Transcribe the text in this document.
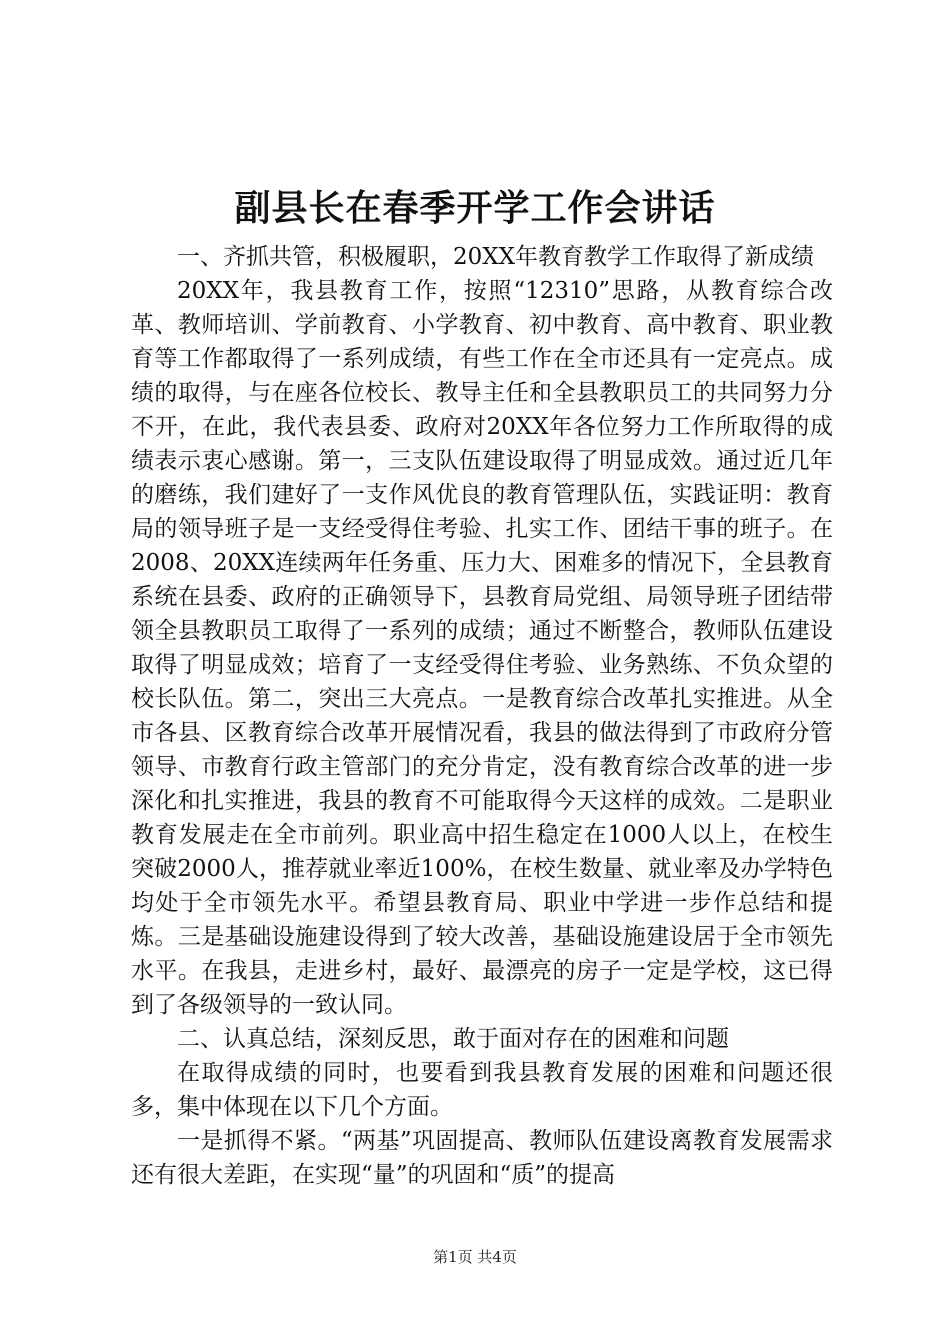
副县长在春季开学工作会讲话

一、齐抓共管，积极履职，20XX年教育教学工作取得了新成绩

20XX年，我县教育工作，按照“12310”思路，从教育综合改革、教师培训、学前教育、小学教育、初中教育、高中教育、职业教育等工作都取得了一系列成绩，有些工作在全市还具有一定亮点。成绩的取得，与在座各位校长、教导主任和全县教职员工的共同努力分不开，在此，我代表县委、政府对20XX年各位努力工作所取得的成绩表示衷心感谢。第一，三支队伍建设取得了明显成效。通过近几年的磨练，我们建好了一支作风优良的教育管理队伍，实践证明：教育局的领导班子是一支经受得住考验、扎实工作、团结干事的班子。在2008、20XX连续两年任务重、压力大、困难多的情况下，全县教育系统在县委、政府的正确领导下，县教育局党组、局领导班子团结带领全县教职员工取得了一系列的成绩；通过不断整合，教师队伍建设取得了明显成效；培育了一支经受得住考验、业务熟练、不负众望的校长队伍。第二，突出三大亮点。一是教育综合改革扎实推进。从全市各县、区教育综合改革开展情况看，我县的做法得到了市政府分管领导、市教育行政主管部门的充分肯定，没有教育综合改革的进一步深化和扎实推进，我县的教育不可能取得今天这样的成效。二是职业教育发展走在全市前列。职业高中招生稳定在1000人以上，在校生突破2000人，推荐就业率近100%，在校生数量、就业率及办学特色均处于全市领先水平。希望县教育局、职业中学进一步作总结和提炼。三是基础设施建设得到了较大改善，基础设施建设居于全市领先水平。在我县，走进乡村，最好、最漂亮的房子一定是学校，这已得到了各级领导的一致认同。

二、认真总结，深刻反思，敢于面对存在的困难和问题

在取得成绩的同时，也要看到我县教育发展的困难和问题还很多，集中体现在以下几个方面。

一是抓得不紧。“两基”巩固提高、教师队伍建设离教育发展需求还有很大差距，在实现“量”的巩固和“质”的提高

第1页 共4页
